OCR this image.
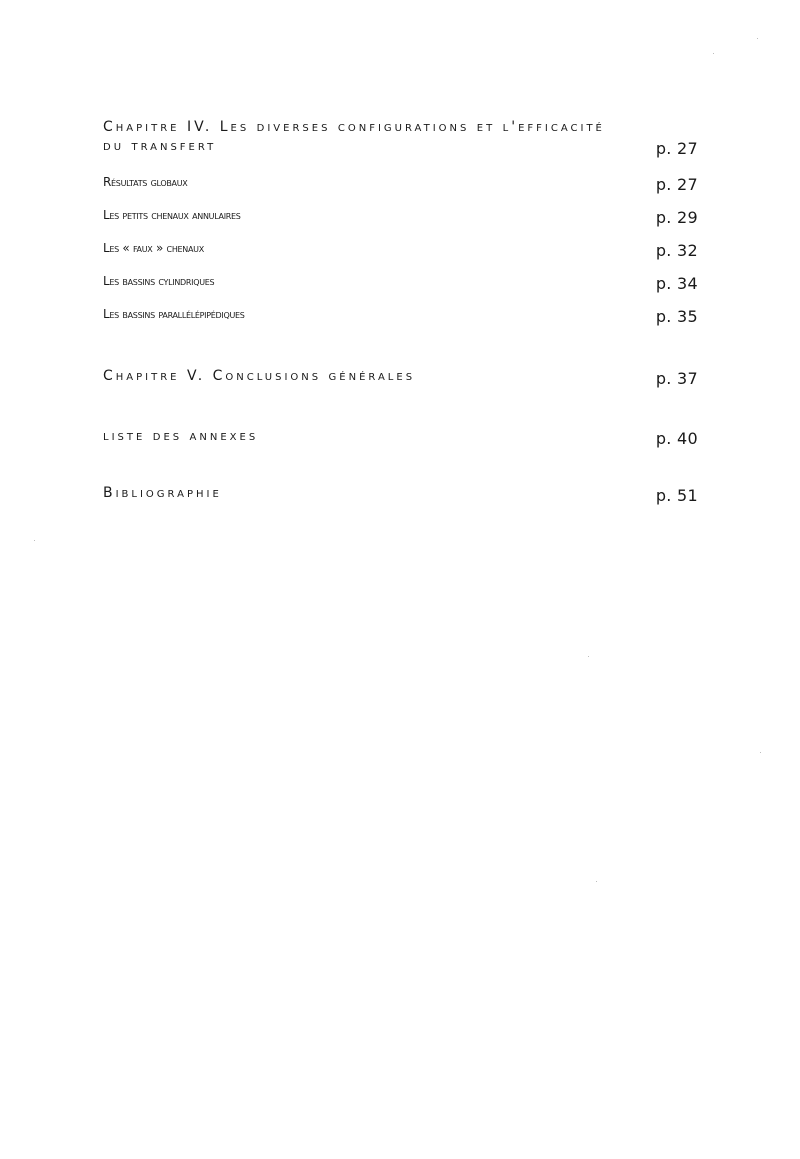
Chapitre IV. Les diverses configurations et l'efficacité
du transfert	p. 27
Résultats globaux	p. 27
Les petits chenaux annulaires	p. 29
Les « faux » chenaux	p. 32
Les bassins cylindriques	p. 34
Les bassins parallélépipédiques	p. 35
Chapitre V. Conclusions générales	p. 37
liste des annexes	p. 40
Bibliographie	p. 51
